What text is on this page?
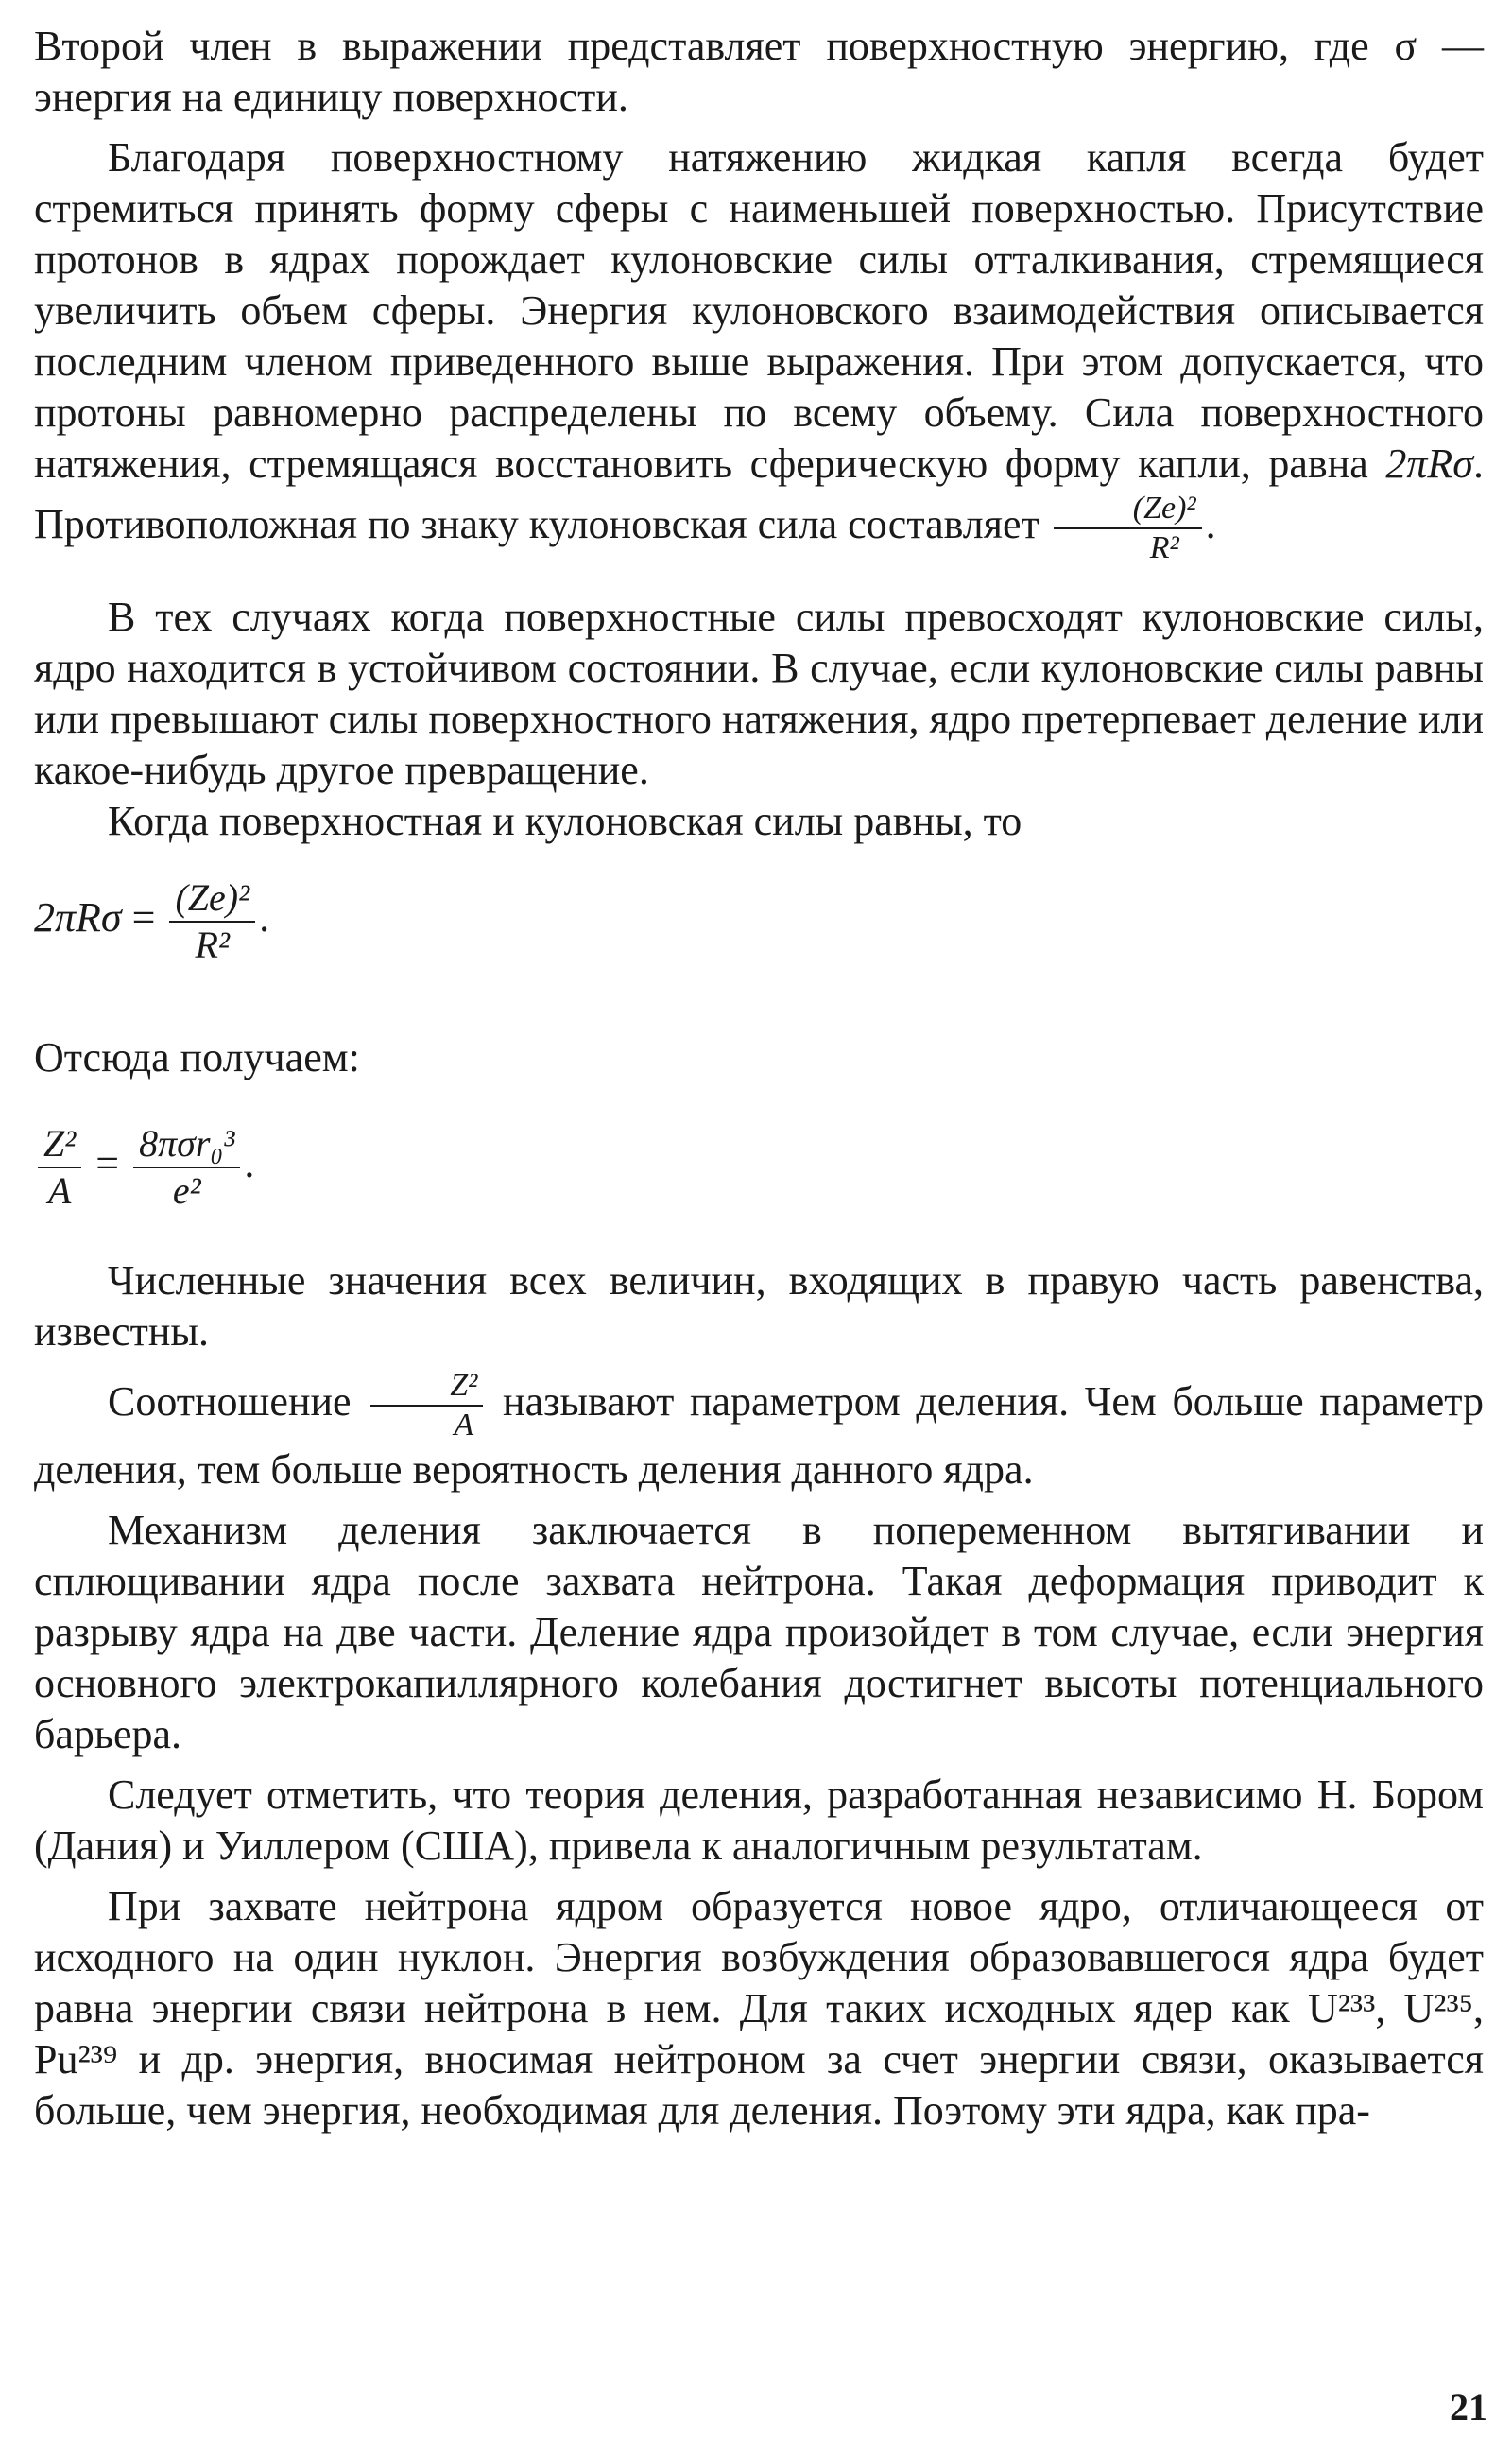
Второй член в выражении представляет поверхностную энергию, где σ — энергия на единицу поверхности.

Благодаря поверхностному натяжению жидкая капля всегда будет стремиться принять форму сферы с наименьшей поверхностью. Присутствие протонов в ядрах порождает кулоновские силы отталкивания, стремящиеся увеличить объем сферы. Энергия кулоновского взаимодействия описывается последним членом приведенного выше выражения. При этом допускается, что протоны равномерно распределены по всему объему. Сила поверхностного натяжения, стремящаяся восстановить сферическую форму капли, равна 2πRσ. Противоположная по знаку кулоновская сила составляет $\frac{\text{(Ze)²}}{\text{R²}}$ .

В тех случаях когда поверхностные силы превосходят кулоновские силы, ядро находится в устойчивом состоянии. В случае, если кулоновские силы равны или превышают силы поверхностного натяжения, ядро претерпевает деление или какое-нибудь другое превращение.

Когда поверхностная и кулоновская силы равны, то

$2\pi R\sigma = \frac{\text{(Ze)²}}{\text{R²}}$ .

Отсюда получаем:

$\frac{\text{Z²}}{A} = \frac{\text{8πσr₀³}}{\text{e²}}$ .

Численные значения всех величин, входящих в правую часть равенства, известны.

Соотношение $\frac{\text{Z²}}{A}$ называют параметром деления. Чем больше параметр деления, тем больше вероятность деления данного ядра.

Механизм деления заключается в попеременном вытягивании и сплющивании ядра после захвата нейтрона. Такая деформация приводит к разрыву ядра на две части. Деление ядра произойдет в том случае, если энергия основного электрокапиллярного колебания достигнет высоты потенциального барьера.

Следует отметить, что теория деления, разработанная независимо Н. Бором (Дания) и Уиллером (США), привела к аналогичным результатам.

При захвате нейтрона ядром образуется новое ядро, отличающееся от исходного на один нуклон. Энергия возбуждения образовавшегося ядра будет равна энергии связи нейтрона в нем. Для таких исходных ядер как U²³³, U²³⁵, Pu²³⁹ и др. энергия, вносимая нейтроном за счет энергии связи, оказывается больше, чем энергия, необходимая для деления. Поэтому эти ядра, как пра-

21
